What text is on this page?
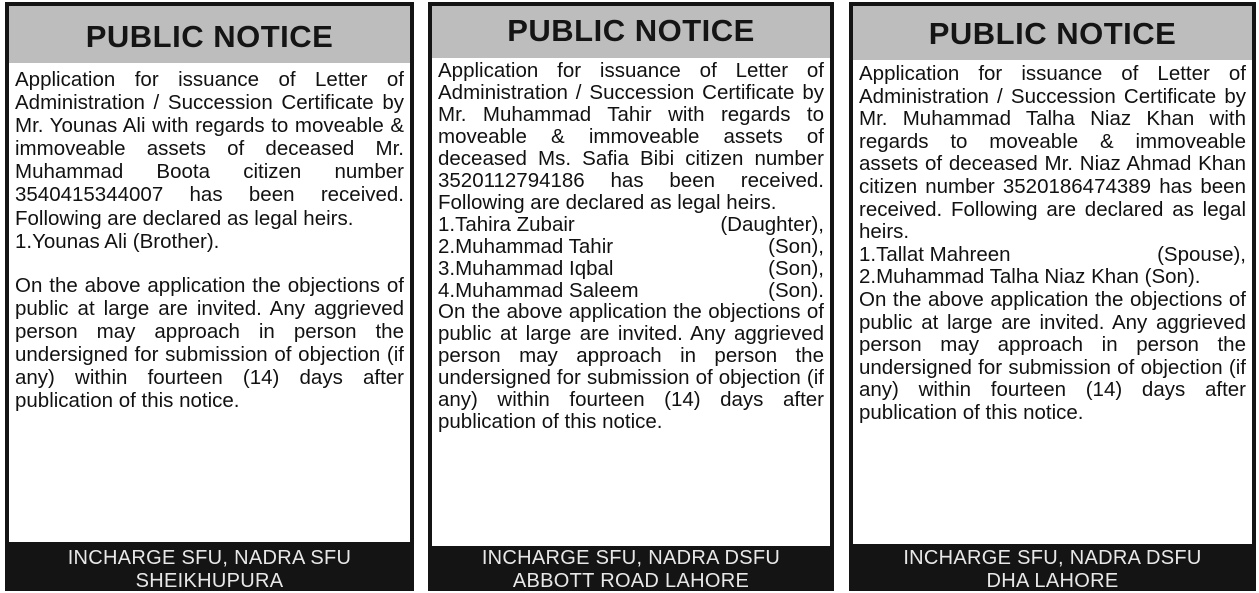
PUBLIC NOTICE

Application for issuance of Letter of Administration / Succession Certificate by Mr. Younas Ali with regards to moveable & immoveable assets of deceased Mr. Muhammad Boota citizen number 3540415344007 has been received. Following are declared as legal heirs.

1.Younas Ali (Brother).

On the above application the objections of public at large are invited. Any aggrieved person may approach in person the undersigned for submission of objection (if any) within fourteen (14) days after publication of this notice.

INCHARGE SFU, NADRA SFU
SHEIKHUPURA
PUBLIC NOTICE

Application for issuance of Letter of Administration / Succession Certificate by Mr. Muhammad Tahir with regards to moveable & immoveable assets of deceased Ms. Safia Bibi citizen number 3520112794186 has been received. Following are declared as legal heirs.

1.Tahira Zubair	(Daughter),
2.Muhammad Tahir	(Son),
3.Muhammad Iqbal	(Son),
4.Muhammad Saleem	(Son).

On the above application the objections of public at large are invited. Any aggrieved person may approach in person the undersigned for submission of objection (if any) within fourteen (14) days after publication of this notice.

INCHARGE SFU, NADRA DSFU
ABBOTT ROAD LAHORE
PUBLIC NOTICE

Application for issuance of Letter of Administration / Succession Certificate by Mr. Muhammad Talha Niaz Khan with regards to moveable & immoveable assets of deceased Mr. Niaz Ahmad Khan citizen number 3520186474389 has been received. Following are declared as legal heirs.

1.Tallat Mahreen	(Spouse),

2.Muhammad Talha Niaz Khan (Son).

On the above application the objections of public at large are invited. Any aggrieved person may approach in person the undersigned for submission of objection (if any) within fourteen (14) days after publication of this notice.

INCHARGE SFU, NADRA DSFU
DHA LAHORE
